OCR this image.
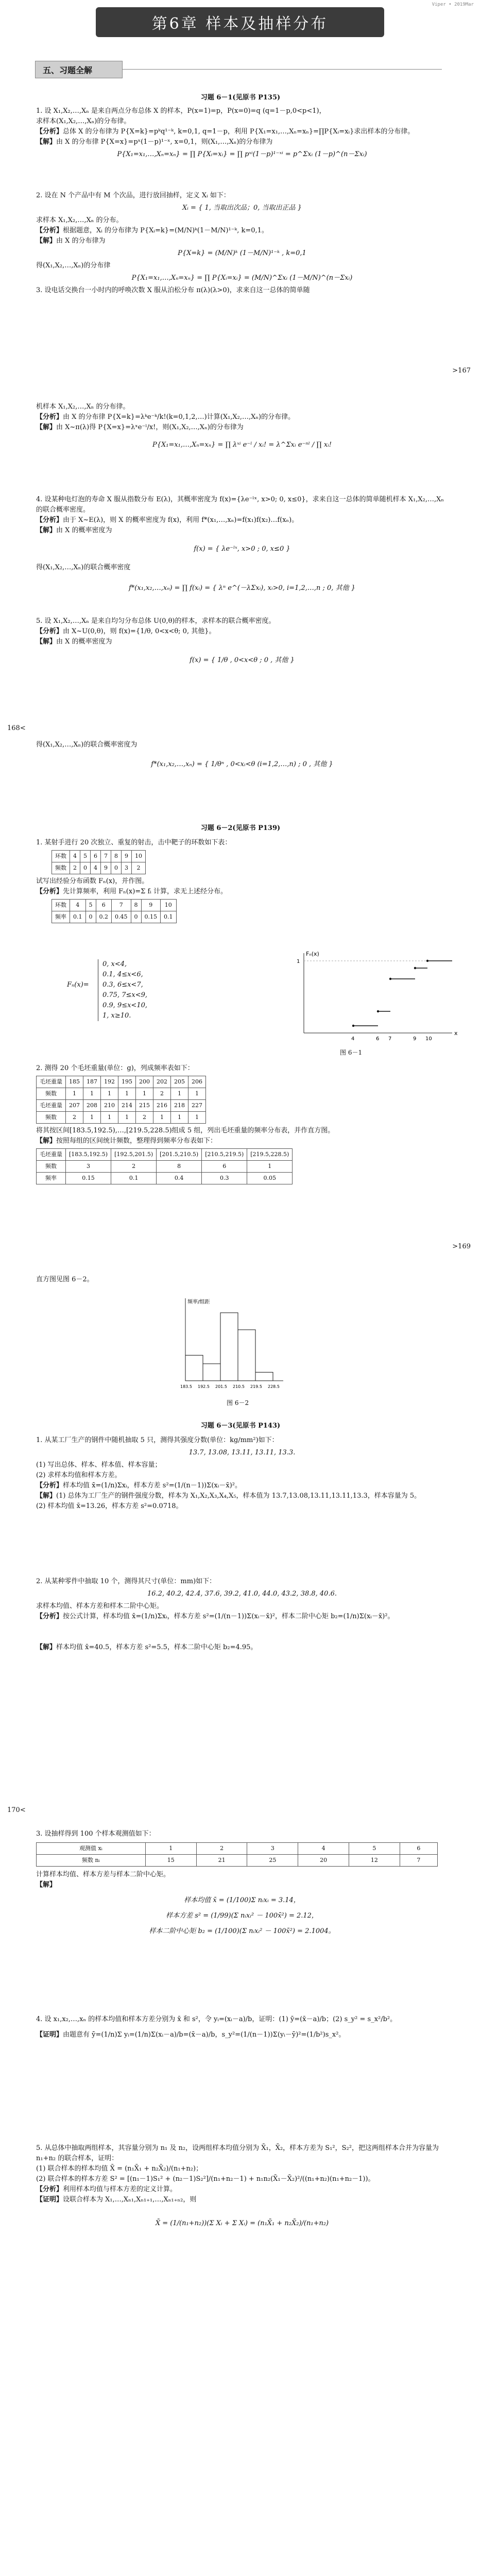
Viper • 2019Mar
第6章 样本及抽样分布
五、习题全解
习题 6－1(见原书 P135)
1. 设 X₁,X₂,…,Xₙ 是来自两点分布总体 X 的样本，P(x=1)=p，P(x=0)=q (q=1－p,0<p<1)，
求样本(X₁,X₂,…,Xₙ)的分布律。
【分析】总体 X 的分布律为 P{X=k}=pᵏq¹⁻ᵏ, k=0,1, q=1－p，利用 P{X₁=x₁,…,Xₙ=xₙ}=∏P{Xᵢ=xᵢ}求出样本的分布律。
【解】由 X 的分布律 P{X=x}=pˣ(1－p)¹⁻ˣ, x=0,1，则(X₁,…,Xₙ)的分布律为
P{X₁=x₁,…,Xₙ=xₙ} = ∏ P{Xᵢ=xᵢ} = ∏ pˣⁱ(1－p)¹⁻ˣⁱ = p^Σxᵢ (1－p)^(n－Σxᵢ)
2. 设在 N 个产品中有 M 个次品，进行放回抽样，定义 Xᵢ 如下：
Xᵢ = { 1, 当取出次品；0, 当取出正品 }
求样本 X₁,X₂,…,Xₙ 的分布。
【分析】根据题意，Xᵢ 的分布律为 P{Xᵢ=k}=(M/N)ᵏ(1－M/N)¹⁻ᵏ, k=0,1。
【解】由 X 的分布律为
P{X=k} = (M/N)ᵏ (1－M/N)¹⁻ᵏ , k=0,1
得(X₁,X₂,…,Xₙ)的分布律
P{X₁=x₁,…,Xₙ=xₙ} = ∏ P{Xᵢ=xᵢ} = (M/N)^Σxᵢ (1－M/N)^(n－Σxᵢ)
3. 设电话交换台一小时内的呼唤次数 X 服从泊松分布 π(λ)(λ>0)，求来自这一总体的简单随
>167
机样本 X₁,X₂,…,Xₙ 的分布律。
【分析】由 X 的分布律 P{X=k}=λᵏe⁻ᵏ/k!(k=0,1,2,…)计算(X₁,X₂,…,Xₙ)的分布律。
【解】由 X~π(λ)得 P{X=x}=λˣe⁻ˡ/x!，则(X₁,X₂,…,Xₙ)的分布律为
P{X₁=x₁,…,Xₙ=xₙ} = ∏ λˣⁱ e⁻ˡ / xᵢ! = λ^Σxᵢ e⁻ⁿˡ / ∏ xᵢ!
4. 设某种电灯泡的寿命 X 服从指数分布 E(λ)，其概率密度为 f(x)={λe⁻ˡˣ, x>0; 0, x≤0}，求来自这一总体的简单随机样本 X₁,X₂,…,Xₙ 的联合概率密度。
【分析】由于 X~E(λ)，则 X 的概率密度为 f(x)，利用 f*(x₁,…,xₙ)=f(x₁)f(x₂)…f(xₙ)。
【解】由 X 的概率密度为
f(x) = { λe⁻ˡˣ, x>0 ; 0, x≤0 }
得(X₁,X₂,…,Xₙ)的联合概率密度
f*(x₁,x₂,…,xₙ) = ∏ f(xᵢ) = { λⁿ e^(－λΣxᵢ), xᵢ>0, i=1,2,…,n ; 0, 其他 }
5. 设 X₁,X₂,…,Xₙ 是来自均匀分布总体 U(0,θ)的样本，求样本的联合概率密度。
【分析】由 X~U(0,θ)，则 f(x)={1/θ, 0<x<θ; 0, 其他}。
【解】由 X 的概率密度为
f(x) = { 1/θ , 0<x<θ ; 0 , 其他 }
168<
得(X₁,X₂,…,Xₙ)的联合概率密度为
f*(x₁,x₂,…,xₙ) = { 1/θⁿ , 0<xᵢ<θ (i=1,2,…,n) ; 0 , 其他 }
习题 6－2(见原书 P139)
1. 某射手进行 20 次独立、重复的射击，击中靶子的环数如下表：
环数	4	5	6	7	8	9	10
频数	2	0	4	9	0	3	2
试写出经验分布函数 Fₙ(x)，并作图。
【分析】先计算频率，利用 Fₙ(x)=Σ fᵢ 计算，求无上述经分布。
环数	4	5	6	7	8	9	10
频率	0.1	0	0.2	0.45	0	0.15	0.1
Fₙ(x)=
0, x<4,
0.1, 4≤x<6,
0.3, 6≤x<7,
0.75, 7≤x<9,
0.9, 9≤x<10,
1, x≥10.
x
Fₙ(x)
1
4	6 7	9 10
图 6－1
2. 测得 20 个毛坯重量(单位：g)，列成频率表如下：
毛坯重量	185	187	192	195	200	202	205	206
频数	1	1	1	1	1	2	1	1
毛坯重量	207	208	210	214	215	216	218	227
频数	2	1	1	1	2	1	1	1
将其按区间[183.5,192.5),…,[219.5,228.5)组成 5 组，列出毛坯重量的频率分布表，并作直方图。
【解】按照每组的区间统计频数，整理得到频率分布表如下：
毛坯重量	[183.5,192.5)	[192.5,201.5)	[201.5,210.5)	[210.5,219.5)	[219.5,228.5)
频数	3	2	8	6	1
频率	0.15	0.1	0.4	0.3	0.05
>169
直方图见图 6－2。
频率/组距
183.5 192.5 201.5 210.5 219.5 228.5
图 6－2
习题 6－3(见原书 P143)
1. 从某工厂生产的钢件中随机抽取 5 只，测得其强度分数(单位：kg/mm²)如下：
13.7, 13.08, 13.11, 13.11, 13.3.
(1) 写出总体、样本、样本值、样本容量；
(2) 求样本均值和样本方差。
【分析】样本均值 x̄=(1/n)Σxᵢ，样本方差 s²=(1/(n－1))Σ(xᵢ－x̄)²。
【解】(1) 总体为工厂生产的钢件强度分数，样本为 X₁,X₂,X₃,X₄,X₅，样本值为 13.7,13.08,13.11,13.11,13.3，样本容量为 5。
(2) 样本均值 x̄=13.26，样本方差 s²=0.0718。
2. 从某种零件中抽取 10 个，测得其尺寸(单位：mm)如下：
16.2, 40.2, 42.4, 37.6, 39.2, 41.0, 44.0, 43.2, 38.8, 40.6.
求样本均值、样本方差和样本二阶中心矩。
【分析】按公式计算，样本均值 x̄=(1/n)Σxᵢ，样本方差 s²=(1/(n－1))Σ(xᵢ－x̄)²，样本二阶中心矩 b₂=(1/n)Σ(xᵢ－x̄)²。
【解】样本均值 x̄=40.5，样本方差 s²=5.5，样本二阶中心矩 b₂=4.95。
170<
3. 设抽样得到 100 个样本观测值如下：
观测值 xᵢ	1	2	3	4	5	6
频数 nᵢ	15	21	25	20	12	7
计算样本均值、样本方差与样本二阶中心矩。
【解】
样本均值 x̄ = (1/100)Σ nᵢxᵢ = 3.14，
样本方差 s² = (1/99)(Σ nᵢxᵢ² － 100x̄²) = 2.12，
样本二阶中心矩 b₂ = (1/100)(Σ nᵢxᵢ² － 100x̄²) = 2.1004。
4. 设 x₁,x₂,…,xₙ 的样本均值和样本方差分别为 x̄ 和 s²，令 yᵢ=(xᵢ－a)/b，证明：(1) ȳ=(x̄－a)/b；(2) s_y² = s_x²/b²。
【证明】由题意有 ȳ=(1/n)Σ yᵢ=(1/n)Σ(xᵢ－a)/b=(x̄－a)/b，s_y²=(1/(n－1))Σ(yᵢ－ȳ)²=(1/b²)s_x²。
5. 从总体中抽取两组样本，其容量分别为 n₁ 及 n₂，设两组样本均值分别为 X̄₁，X̄₂，样本方差为 S₁²，S₂²，把这两组样本合并为容量为 n₁+n₂ 的联合样本，证明：
(1) 联合样本的样本均值 X̄ = (n₁X̄₁ + n₂X̄₂)/(n₁+n₂)；
(2) 联合样本的样本方差 S² = [(n₁－1)S₁² + (n₂－1)S₂²]/(n₁+n₂－1) + n₁n₂(X̄₁－X̄₂)²/((n₁+n₂)(n₁+n₂－1))。
【分析】利用样本均值与样本方差的定义计算。
【证明】设联合样本为 X₁,…,Xₙ₁,Xₙ₁₊₁,…,Xₙ₁₊ₙ₂，则
X̄ = (1/(n₁+n₂))(Σ Xᵢ + Σ Xᵢ) = (n₁X̄₁ + n₂X̄₂)/(n₁+n₂)
